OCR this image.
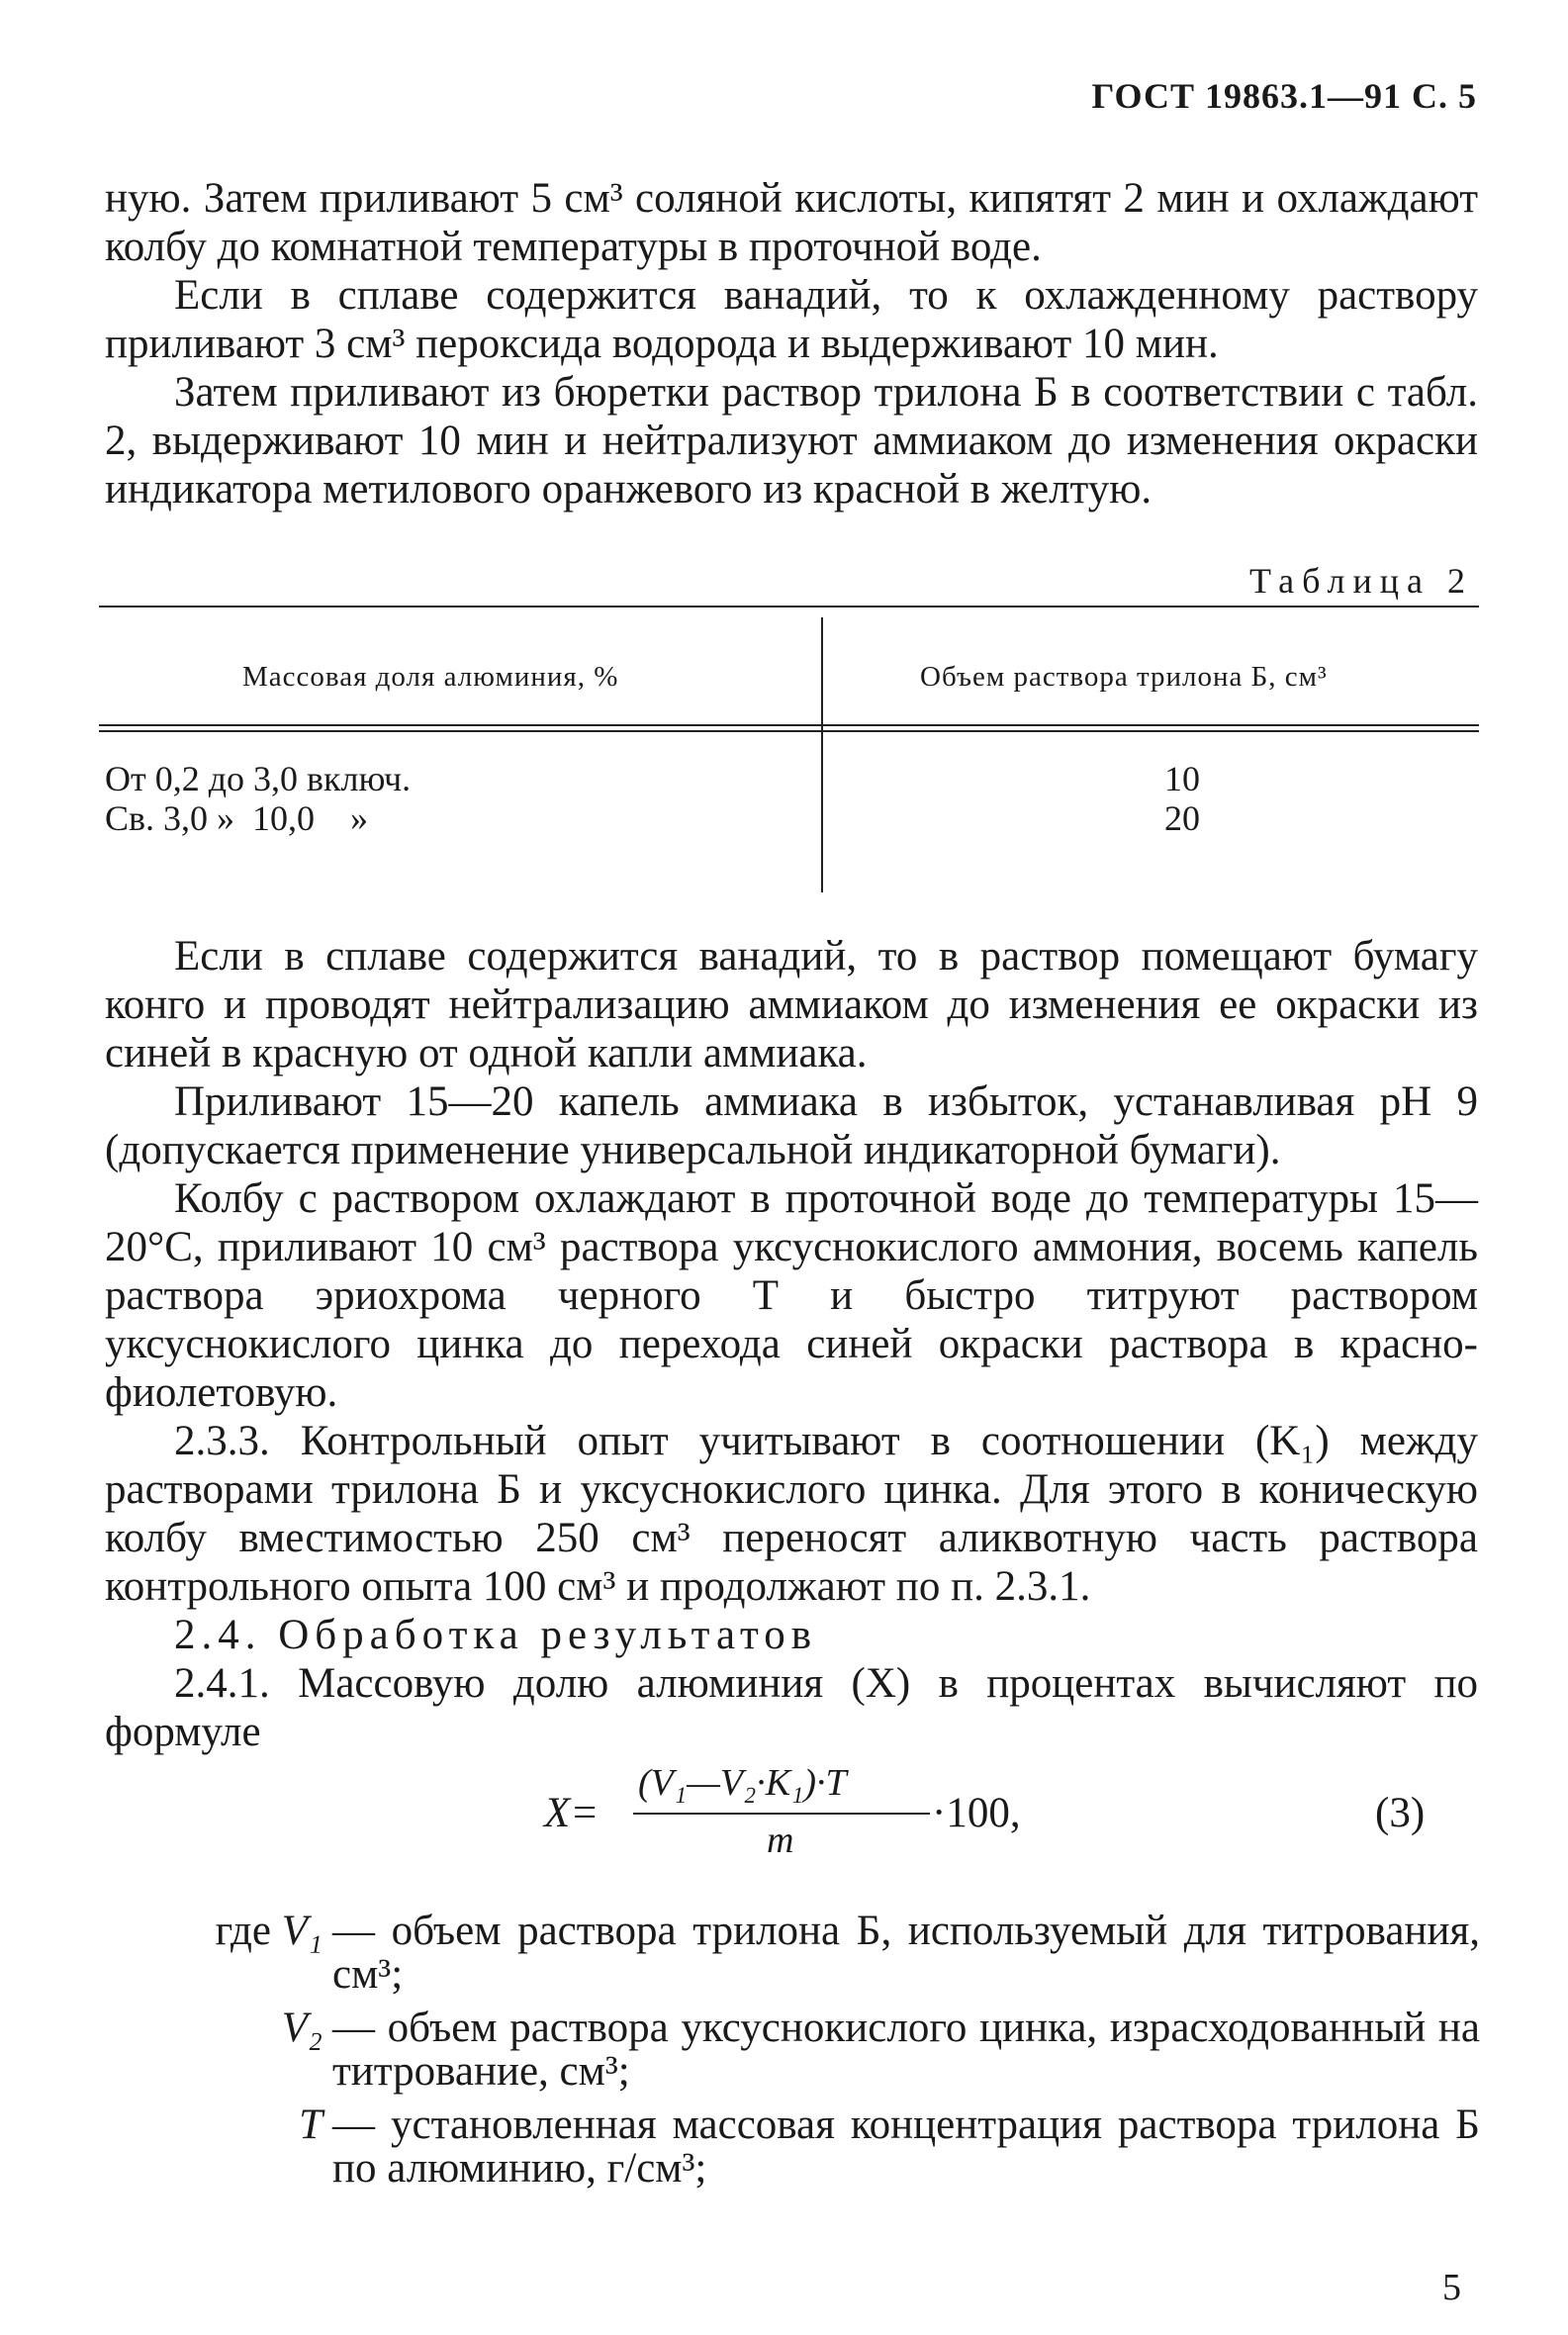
ГОСТ 19863.1—91 С. 5

ную. Затем приливают 5 см³ соляной кислоты, кипятят 2 мин и охлаждают колбу до комнатной температуры в проточной воде.

Если в сплаве содержится ванадий, то к охлажденному раствору приливают 3 см³ пероксида водорода и выдерживают 10 мин.

Затем приливают из бюретки раствор трилона Б в соответствии с табл. 2, выдерживают 10 мин и нейтрализуют аммиаком до изменения окраски индикатора метилового оранжевого из красной в желтую.

Таблица 2
Массовая доля алюминия, %	Объем раствора трилона Б, см³
От 0,2 до 3,0 включ.	10
Св. 3,0 »  10,0    »	20

Если в сплаве содержится ванадий, то в раствор помещают бумагу конго и проводят нейтрализацию аммиаком до изменения ее окраски из синей в красную от одной капли аммиака.

Приливают 15—20 капель аммиака в избыток, устанавливая pH 9 (допускается применение универсальной индикаторной бумаги).

Колбу с раствором охлаждают в проточной воде до температуры 15—20°С, приливают 10 см³ раствора уксуснокислого аммония, восемь капель раствора эриохрома черного Т и быстро титруют раствором уксуснокислого цинка до перехода синей окраски раствора в красно-фиолетовую.

2.3.3. Контрольный опыт учитывают в соотношении (K₁) между растворами трилона Б и уксуснокислого цинка. Для этого в коническую колбу вместимостью 250 см³ переносят аликвотную часть раствора контрольного опыта 100 см³ и продолжают по п. 2.3.1.

2.4. Обработка результатов

2.4.1. Массовую долю алюминия (X) в процентах вычисляют по формуле

X=
(V₁—V₂·K₁)·T
m
·100,	(3)
где V₁ — объем раствора трилона Б, используемый для титрования, см³;
V₂ — объем раствора уксуснокислого цинка, израсходованный на титрование, см³;
T — установленная массовая концентрация раствора трилона Б по алюминию, г/см³;
5
